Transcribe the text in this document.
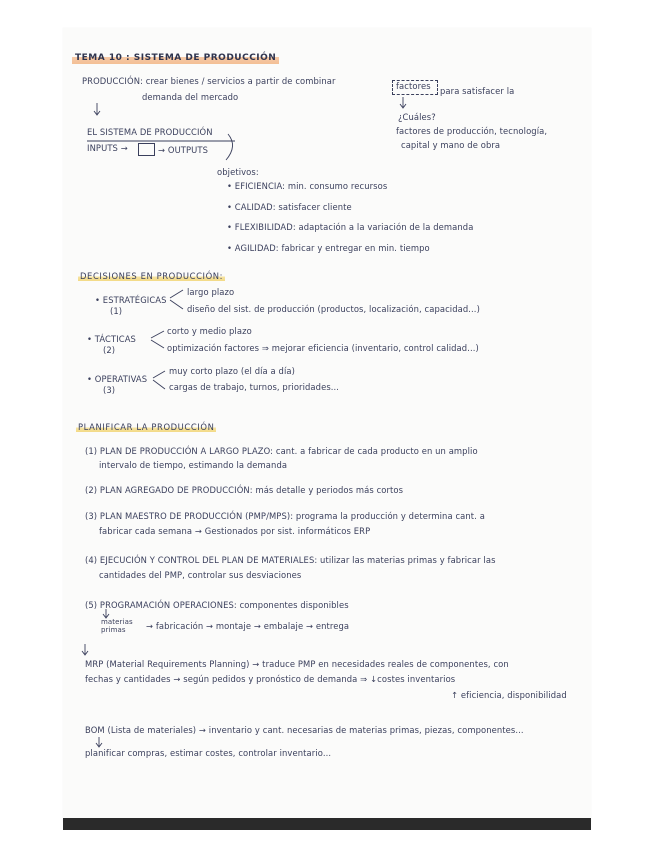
TEMA 10 : SISTEMA DE PRODUCCIÓN
PRODUCCIÓN: crear bienes / servicios a partir de combinar	factores para satisfacer la
demanda del mercado
¿Cuáles?
factores de producción, tecnología,
capital y mano de obra
EL SISTEMA DE PRODUCCIÓN
INPUTS →	→ OUTPUTS
objetivos:
• EFICIENCIA: min. consumo recursos
• CALIDAD: satisfacer cliente
• FLEXIBILIDAD: adaptación a la variación de la demanda
• AGILIDAD: fabricar y entregar en min. tiempo
DECISIONES EN PRODUCCIÓN:
• ESTRATÉGICAS
(1)
largo plazo
diseño del sist. de producción (productos, localización, capacidad...)
• TÁCTICAS
(2)
corto y medio plazo
optimización factores ⇒ mejorar eficiencia (inventario, control calidad...)
• OPERATIVAS
(3)
muy corto plazo (el día a día)
cargas de trabajo, turnos, prioridades...
PLANIFICAR LA PRODUCCIÓN
(1) PLAN DE PRODUCCIÓN A LARGO PLAZO: cant. a fabricar de cada producto en un amplio
intervalo de tiempo, estimando la demanda
(2) PLAN AGREGADO DE PRODUCCIÓN: más detalle y periodos más cortos
(3) PLAN MAESTRO DE PRODUCCIÓN (PMP/MPS): programa la producción y determina cant. a
fabricar cada semana → Gestionados por sist. informáticos ERP
(4) EJECUCIÓN Y CONTROL DEL PLAN DE MATERIALES: utilizar las materias primas y fabricar las
cantidades del PMP, controlar sus desviaciones
(5) PROGRAMACIÓN OPERACIONES: componentes disponibles
materias primas	→ fabricación → montaje → embalaje → entrega
MRP (Material Requirements Planning) → traduce PMP en necesidades reales de componentes, con
fechas y cantidades → según pedidos y pronóstico de demanda ⇒ ↓costes inventarios
↑ eficiencia, disponibilidad
BOM (Lista de materiales) → inventario y cant. necesarias de materias primas, piezas, componentes...
planificar compras, estimar costes, controlar inventario...
